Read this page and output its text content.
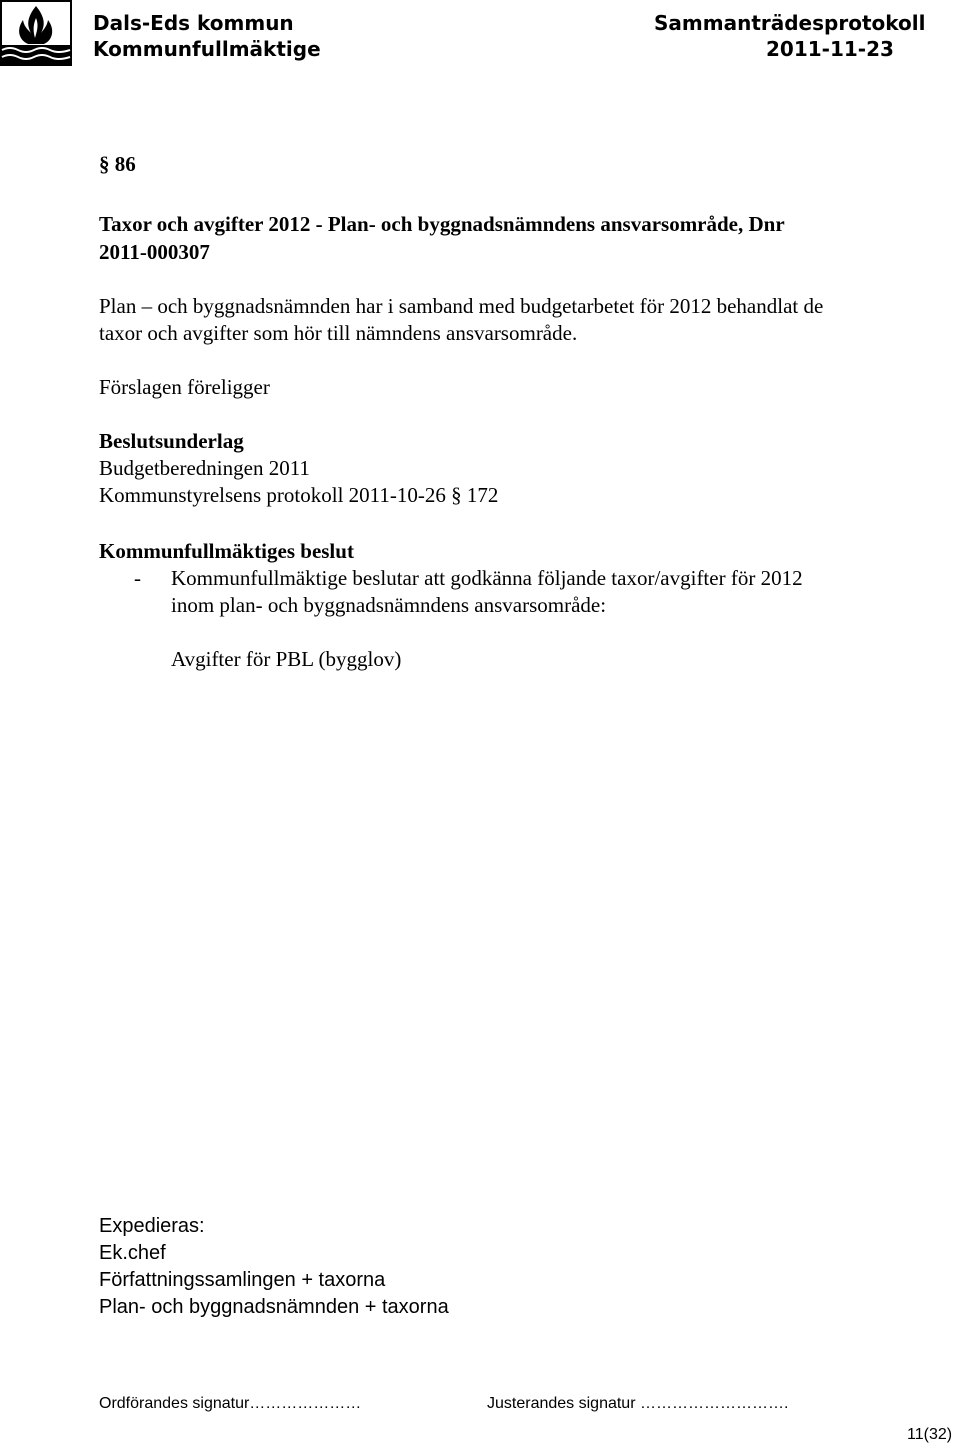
Dals-Eds kommun
Kommunfullmäktige
Sammanträdesprotokoll
2011-11-23
§ 86
Taxor och avgifter 2012 - Plan- och byggnadsnämndens ansvarsområde, Dnr
2011-000307
Plan – och byggnadsnämnden har i samband med budgetarbetet för 2012 behandlat de
taxor och avgifter som hör till nämndens ansvarsområde.
Förslagen föreligger
Beslutsunderlag
Budgetberedningen 2011
Kommunstyrelsens protokoll 2011-10-26 § 172
Kommunfullmäktiges beslut
- Kommunfullmäktige beslutar att godkänna följande taxor/avgifter för 2012
inom plan- och byggnadsnämndens ansvarsområde:
Avgifter för PBL (bygglov)
Expedieras:
Ek.chef
Författningssamlingen + taxorna
Plan- och byggnadsnämnden + taxorna
Ordförandes signatur…………………	Justerandes signatur ……………………….
11(32)
